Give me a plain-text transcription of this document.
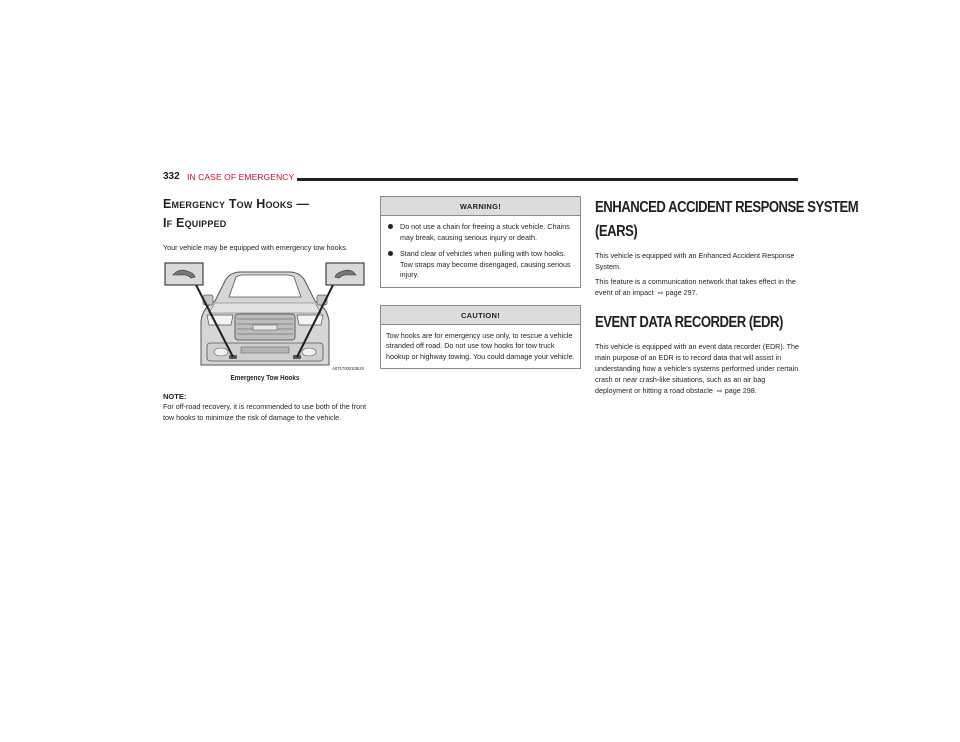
332 IN CASE OF EMERGENCY
Emergency Tow Hooks —
If Equipped

Your vehicle may be equipped with emergency tow hooks.

A0717000100US
Emergency Tow Hooks
NOTE:

For off-road recovery, it is recommended to use both of the front tow hooks to minimize the risk of damage to the vehicle.

WARNING!
Do not use a chain for freeing a stuck vehicle. Chains may break, causing serious injury or death.
Stand clear of vehicles when pulling with tow hooks. Tow straps may become disengaged, causing serious injury.
CAUTION!
Tow hooks are for emergency use only, to rescue a vehicle stranded off road. Do not use tow hooks for tow truck hookup or highway towing. You could damage your vehicle.
ENHANCED ACCIDENT RESPONSE SYSTEM
(EARS)

This vehicle is equipped with an Enhanced Accident Response System.

This feature is a communication network that takes effect in the event of an impact ⇨ page 297.

EVENT DATA RECORDER (EDR)

This vehicle is equipped with an event data recorder (EDR). The main purpose of an EDR is to record data that will assist in understanding how a vehicle’s systems performed under certain crash or near crash-like situations, such as an air bag deployment or hitting a road obstacle ⇨ page 298.
